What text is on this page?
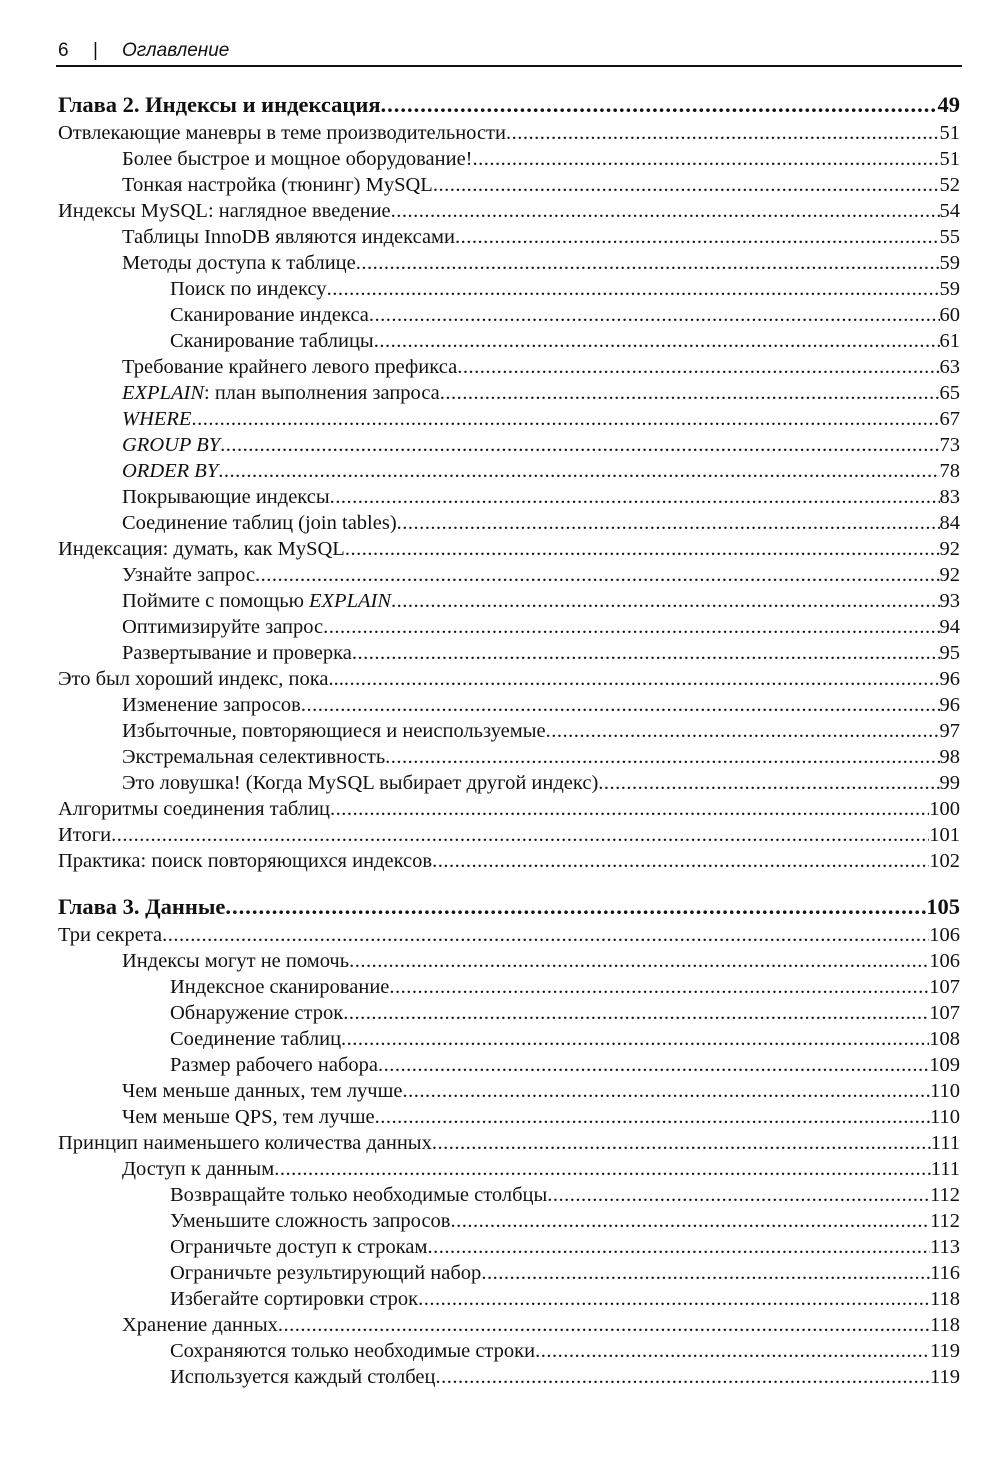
6 | Оглавление
Глава 2. Индексы и индексация .....	49
Отвлекающие маневры в теме производительности .....	51
Более быстрое и мощное оборудование! .....	51
Тонкая настройка (тюнинг) MySQL .....	52
Индексы MySQL: наглядное введение .....	54
Таблицы InnoDB являются индексами .....	55
Методы доступа к таблице .....	59
Поиск по индексу .....	59
Сканирование индекса .....	60
Сканирование таблицы .....	61
Требование крайнего левого префикса .....	63
EXPLAIN: план выполнения запроса .....	65
WHERE .....	67
GROUP BY .....	73
ORDER BY .....	78
Покрывающие индексы .....	83
Соединение таблиц (join tables) .....	84
Индексация: думать, как MySQL .....	92
Узнайте запрос .....	92
Поймите с помощью EXPLAIN .....	93
Оптимизируйте запрос .....	94
Развертывание и проверка .....	95
Это был хороший индекс, пока... .....	96
Изменение запросов .....	96
Избыточные, повторяющиеся и неиспользуемые .....	97
Экстремальная селективность .....	98
Это ловушка! (Когда MySQL выбирает другой индекс) .....	99
Алгоритмы соединения таблиц .....	100
Итоги .....	101
Практика: поиск повторяющихся индексов .....	102
Глава 3. Данные .....	105
Три секрета .....	106
Индексы могут не помочь .....	106
Индексное сканирование .....	107
Обнаружение строк .....	107
Соединение таблиц .....	108
Размер рабочего набора .....	109
Чем меньше данных, тем лучше .....	110
Чем меньше QPS, тем лучше .....	110
Принцип наименьшего количества данных .....	111
Доступ к данным .....	111
Возвращайте только необходимые столбцы .....	112
Уменьшите сложность запросов .....	112
Ограничьте доступ к строкам .....	113
Ограничьте результирующий набор .....	116
Избегайте сортировки строк .....	118
Хранение данных .....	118
Сохраняются только необходимые строки .....	119
Используется каждый столбец .....	119
